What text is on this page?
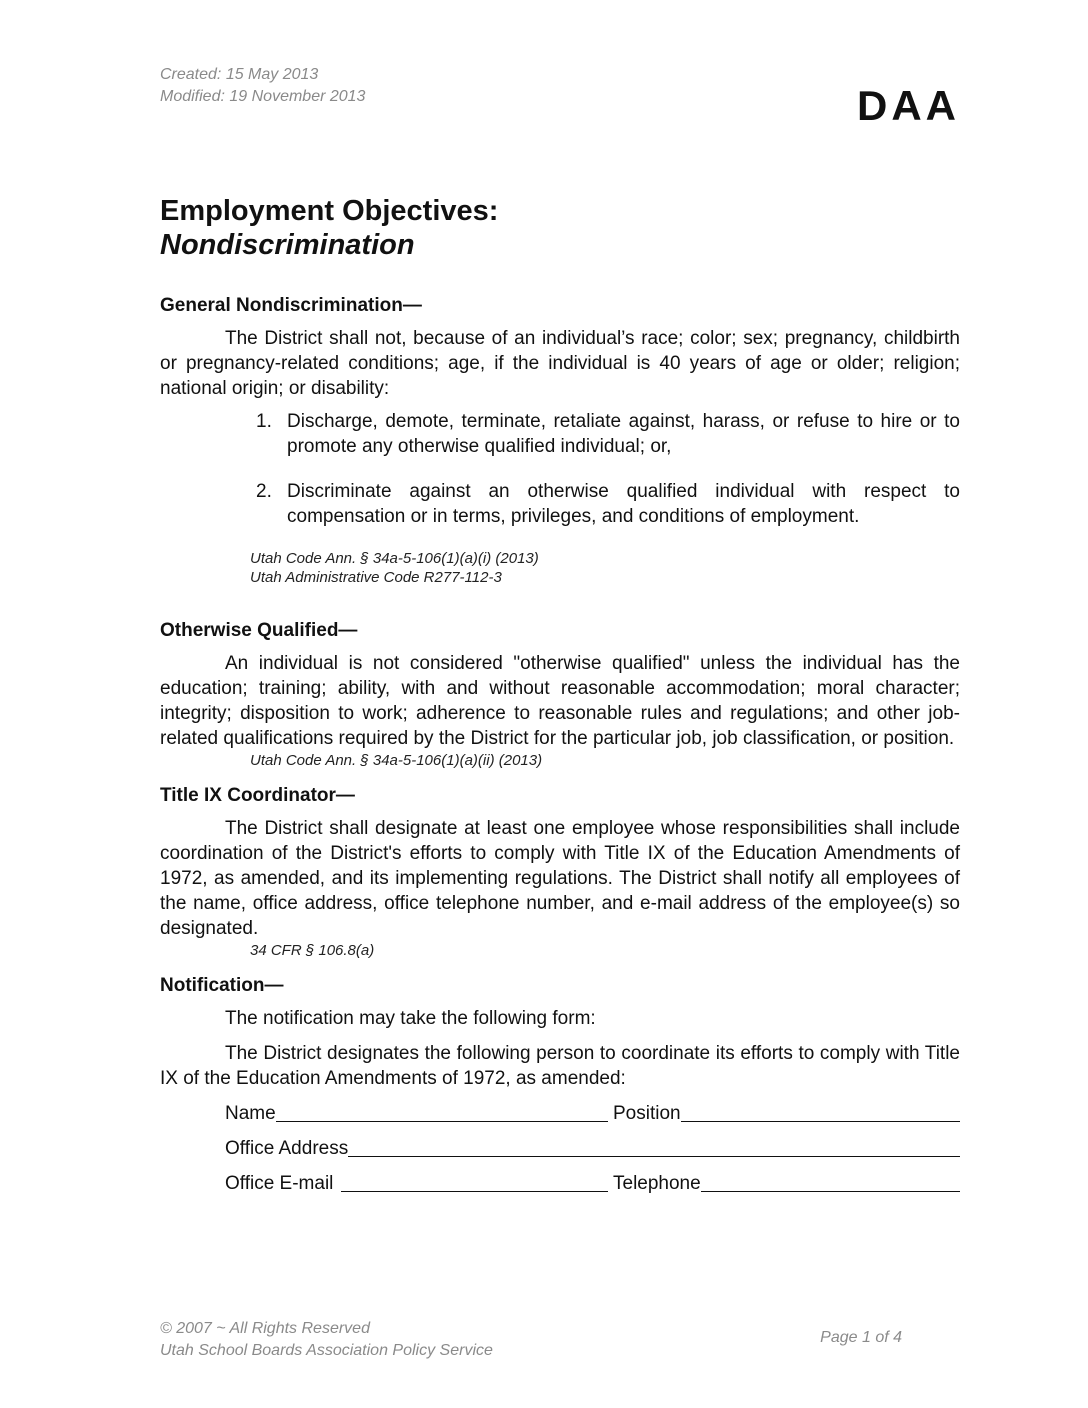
Created: 15 May 2013
Modified: 19 November 2013	DAA
Employment Objectives:
Nondiscrimination
General Nondiscrimination—

The District shall not, because of an individual’s race; color; sex; pregnancy, childbirth or pregnancy-related conditions; age, if the individual is 40 years of age or older; religion; national origin; or disability:

1. Discharge, demote, terminate, retaliate against, harass, or refuse to hire or to promote any otherwise qualified individual; or,
2. Discriminate against an otherwise qualified individual with respect to compensation or in terms, privileges, and conditions of employment.
Utah Code Ann. § 34a-5-106(1)(a)(i) (2013)
Utah Administrative Code R277-112-3
Otherwise Qualified—

An individual is not considered "otherwise qualified" unless the individual has the education; training; ability, with and without reasonable accommodation; moral character; integrity; disposition to work; adherence to reasonable rules and regulations; and other job-related qualifications required by the District for the particular job, job classification, or position.

Utah Code Ann. § 34a-5-106(1)(a)(ii) (2013)
Title IX Coordinator—

The District shall designate at least one employee whose responsibilities shall include coordination of the District's efforts to comply with Title IX of the Education Amendments of 1972, as amended, and its implementing regulations. The District shall notify all employees of the name, office address, office telephone number, and e-mail address of the employee(s) so designated.

34 CFR § 106.8(a)
Notification—

The notification may take the following form:

The District designates the following person to coordinate its efforts to comply with Title IX of the Education Amendments of 1972, as amended:

Name	Position
Office Address
Office E-mail	Telephone
© 2007 ~ All Rights Reserved
Utah School Boards Association Policy Service
Page 1 of 4
